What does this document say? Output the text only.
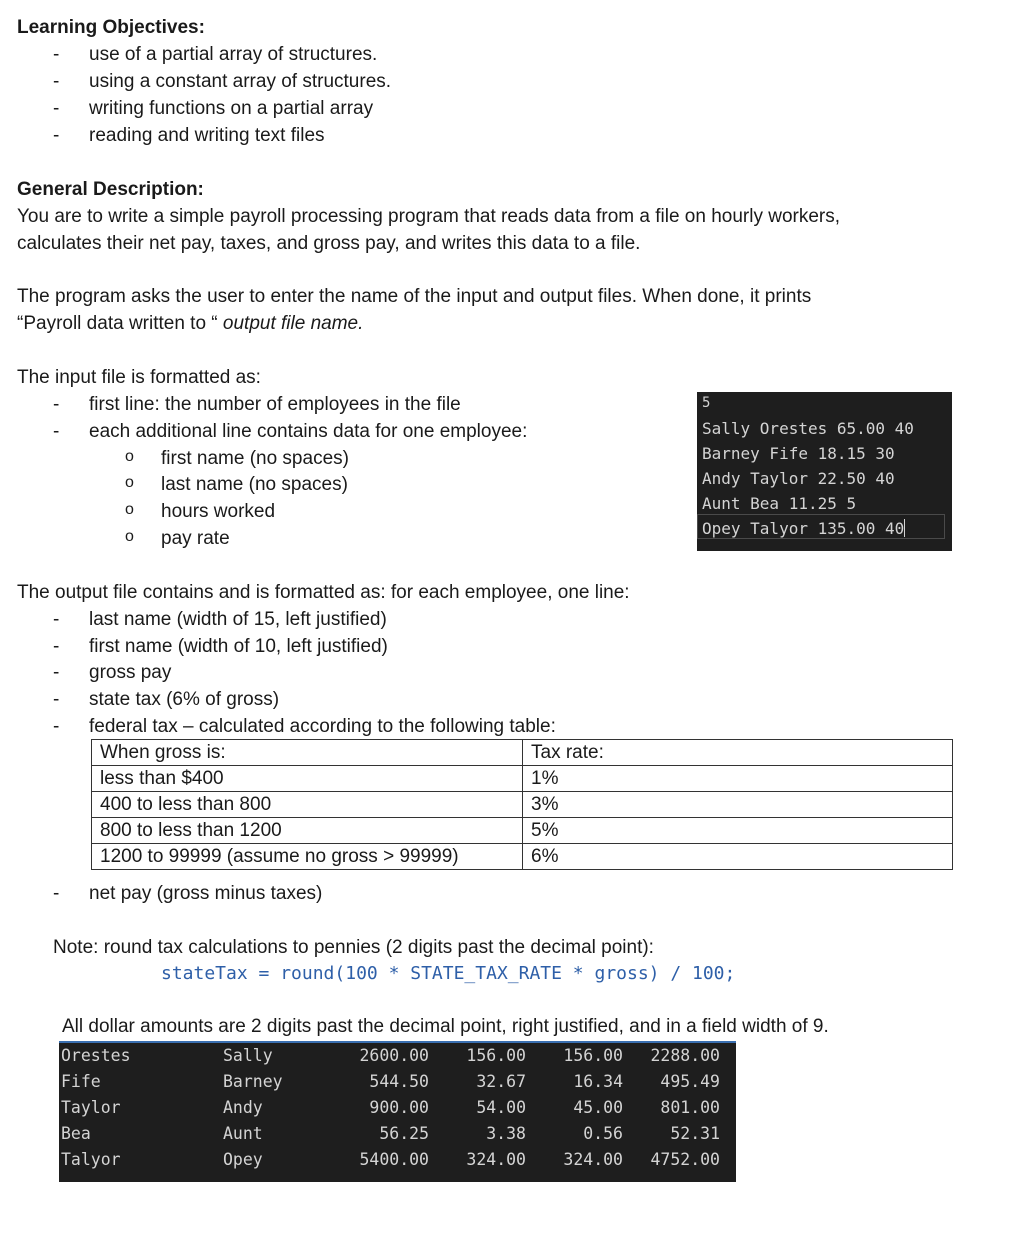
Learning Objectives:
- use of a partial array of structures.
- using a constant array of structures.
- writing functions on a partial array
- reading and writing text files
General Description:
You are to write a simple payroll processing program that reads data from a file on hourly workers,
calculates their net pay, taxes, and gross pay, and writes this data to a file.
The program asks the user to enter the name of the input and output files. When done, it prints
“Payroll data written to “ output file name.
The input file is formatted as:
- first line: the number of employees in the file
- each additional line contains data for one employee:
o first name (no spaces)
o last name (no spaces)
o hours worked
o pay rate
5
Sally Orestes 65.00 40
Barney Fife 18.15 30
Andy Taylor 22.50 40
Aunt Bea 11.25 5
Opey Talyor 135.00 40
The output file contains and is formatted as: for each employee, one line:
- last name (width of 15, left justified)
- first name (width of 10, left justified)
- gross pay
- state tax (6% of gross)
- federal tax – calculated according to the following table:
When gross is:	Tax rate:
less than $400	1%
400 to less than 800	3%
800 to less than 1200	5%
1200 to 99999 (assume no gross > 99999)	6%
- net pay (gross minus taxes)
Note: round tax calculations to pennies (2 digits past the decimal point):
stateTax = round(100 * STATE_TAX_RATE * gross) / 100;
All dollar amounts are 2 digits past the decimal point, right justified, and in a field width of 9.
Orestes	Sally	2600.00	156.00	156.00	2288.00
Fife	Barney	544.50	32.67	16.34	495.49
Taylor	Andy	900.00	54.00	45.00	801.00
Bea	Aunt	56.25	3.38	0.56	52.31
Talyor	Opey	5400.00	324.00	324.00	4752.00
